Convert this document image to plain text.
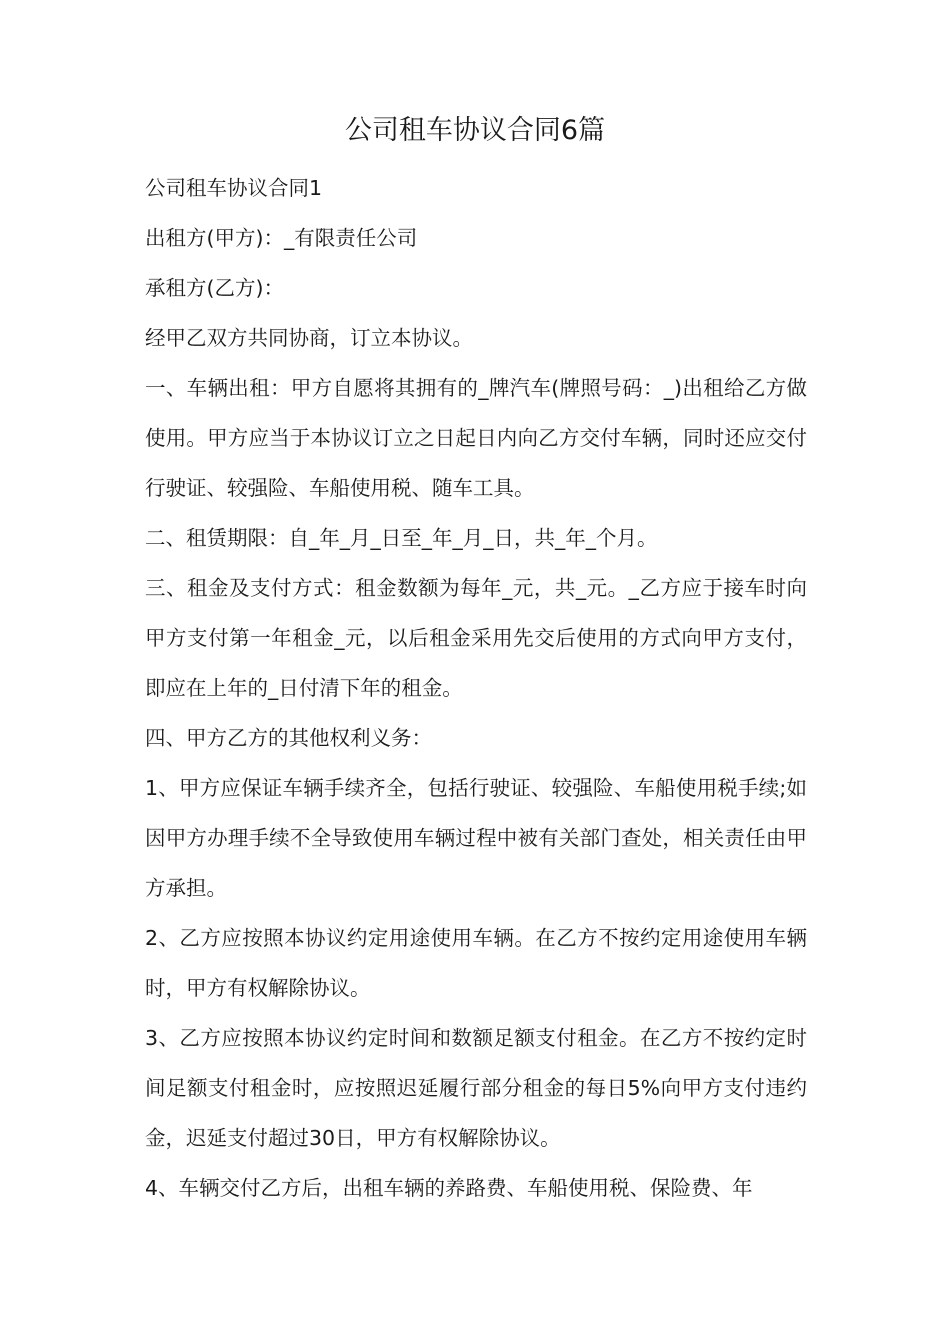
公司租车协议合同6篇

公司租车协议合同1

出租方(甲方)：_有限责任公司

承租方(乙方)：

经甲乙双方共同协商，订立本协议。

一、车辆出租：甲方自愿将其拥有的_牌汽车(牌照号码：_)出租给乙方做使用。甲方应当于本协议订立之日起日内向乙方交付车辆，同时还应交付行驶证、较强险、车船使用税、随车工具。

二、租赁期限：自_年_月_日至_年_月_日，共_年_个月。

三、租金及支付方式：租金数额为每年_元，共_元。_乙方应于接车时向甲方支付第一年租金_元，以后租金采用先交后使用的方式向甲方支付，即应在上年的_日付清下年的租金。

四、甲方乙方的其他权利义务：

1、甲方应保证车辆手续齐全，包括行驶证、较强险、车船使用税手续;如因甲方办理手续不全导致使用车辆过程中被有关部门查处，相关责任由甲方承担。

2、乙方应按照本协议约定用途使用车辆。在乙方不按约定用途使用车辆时，甲方有权解除协议。

3、乙方应按照本协议约定时间和数额足额支付租金。在乙方不按约定时间足额支付租金时，应按照迟延履行部分租金的每日5%向甲方支付违约金，迟延支付超过30日，甲方有权解除协议。

4、车辆交付乙方后，出租车辆的养路费、车船使用税、保险费、年
